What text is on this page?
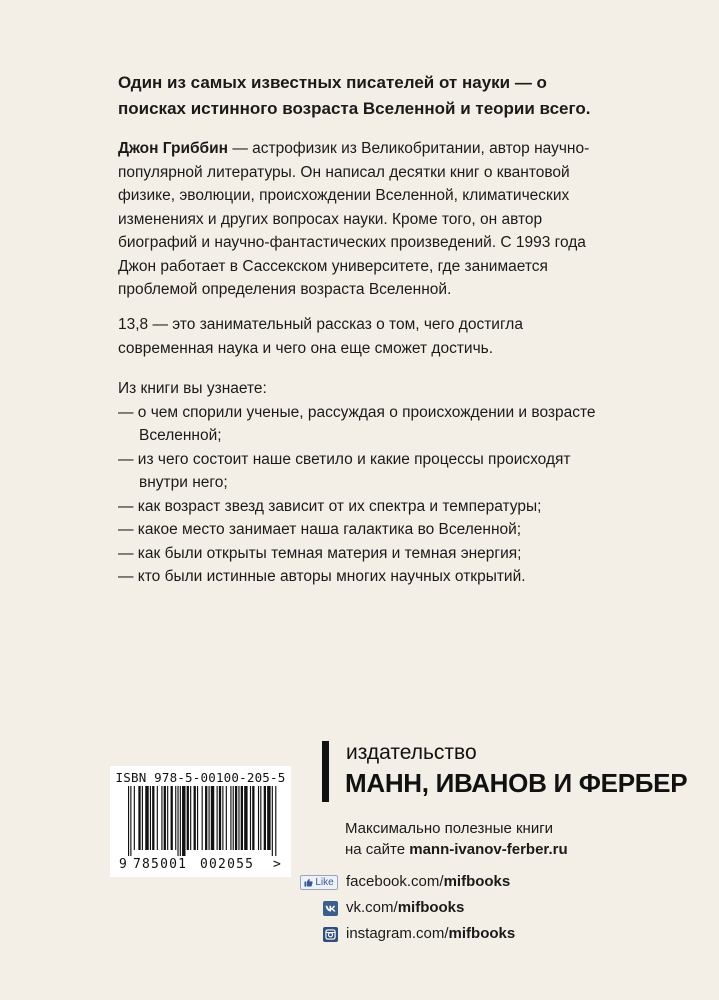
Один из самых известных писателей от науки — о поисках истинного возраста Вселенной и теории всего.

Джон Гриббин — астрофизик из Великобритании, автор научно-популярной литературы. Он написал десятки книг о квантовой физике, эволюции, происхождении Вселенной, климатических изменениях и других вопросах науки. Кроме того, он автор биографий и научно-фантастических произведений. С 1993 года Джон работает в Сассекском университете, где занимается проблемой определения возраста Вселенной.

13,8 — это занимательный рассказ о том, чего достигла современная наука и чего она еще сможет достичь.

Из книги вы узнаете:
— о чем спорили ученые, рассуждая о происхождении и возрасте Вселенной;
— из чего состоит наше светило и какие процессы происходят внутри него;
— как возраст звезд зависит от их спектра и температуры;
— какое место занимает наша галактика во Вселенной;
— как были открыты темная материя и темная энергия;
— кто были истинные авторы многих научных открытий.
ISBN 978-5-00100-205-5
9 785001 002055 >

издательство

МАНН, ИВАНОВ И ФЕРБЕР

Максимально полезные книги
на сайте mann-ivanov-ferber.ru

Like facebook.com/mifbooks
vk.com/mifbooks
instagram.com/mifbooks
